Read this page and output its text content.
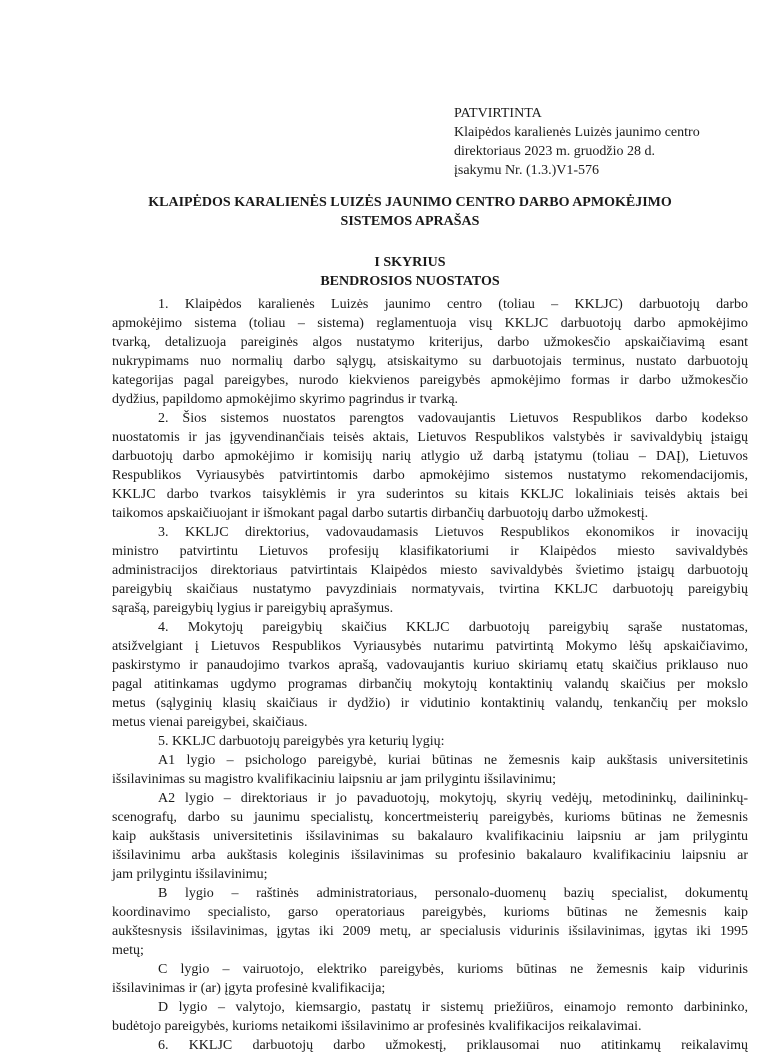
PATVIRTINTA
Klaipėdos karalienės Luizės jaunimo centro
direktoriaus 2023 m. gruodžio 28 d.
įsakymu Nr. (1.3.)V1-576
KLAIPĖDOS KARALIENĖS LUIZĖS JAUNIMO CENTRO DARBO APMOKĖJIMO
SISTEMOS APRAŠAS
I SKYRIUS
BENDROSIOS NUOSTATOS
1. Klaipėdos karalienės Luizės jaunimo centro (toliau – KKLJC) darbuotojų darbo
apmokėjimo sistema (toliau – sistema) reglamentuoja visų KKLJC darbuotojų darbo apmokėjimo
tvarką, detalizuoja pareiginės algos nustatymo kriterijus, darbo užmokesčio apskaičiavimą esant
nukrypimams nuo normalių darbo sąlygų, atsiskaitymo su darbuotojais terminus, nustato darbuotojų
kategorijas pagal pareigybes, nurodo kiekvienos pareigybės apmokėjimo formas ir darbo užmokesčio
dydžius, papildomo apmokėjimo skyrimo pagrindus ir tvarką.
2. Šios sistemos nuostatos parengtos vadovaujantis Lietuvos Respublikos darbo kodekso
nuostatomis ir jas įgyvendinančiais teisės aktais, Lietuvos Respublikos valstybės ir savivaldybių įstaigų
darbuotojų darbo apmokėjimo ir komisijų narių atlygio už darbą įstatymu (toliau – DAĮ), Lietuvos
Respublikos Vyriausybės patvirtintomis darbo apmokėjimo sistemos nustatymo rekomendacijomis,
KKLJC darbo tvarkos taisyklėmis ir yra suderintos su kitais KKLJC lokaliniais teisės aktais bei
taikomos apskaičiuojant ir išmokant pagal darbo sutartis dirbančių darbuotojų darbo užmokestį.
3. KKLJC direktorius, vadovaudamasis Lietuvos Respublikos ekonomikos ir inovacijų
ministro patvirtintu Lietuvos profesijų klasifikatoriumi ir Klaipėdos miesto savivaldybės
administracijos direktoriaus patvirtintais Klaipėdos miesto savivaldybės švietimo įstaigų darbuotojų
pareigybių skaičiaus nustatymo pavyzdiniais normatyvais, tvirtina KKLJC darbuotojų pareigybių
sąrašą, pareigybių lygius ir pareigybių aprašymus.
4. Mokytojų pareigybių skaičius KKLJC darbuotojų pareigybių sąraše nustatomas,
atsižvelgiant į Lietuvos Respublikos Vyriausybės nutarimu patvirtintą Mokymo lėšų apskaičiavimo,
paskirstymo ir panaudojimo tvarkos aprašą, vadovaujantis kuriuo skiriamų etatų skaičius priklauso nuo
pagal atitinkamas ugdymo programas dirbančių mokytojų kontaktinių valandų skaičius per mokslo
metus (sąlyginių klasių skaičiaus ir dydžio) ir vidutinio kontaktinių valandų, tenkančių per mokslo
metus vienai pareigybei, skaičiaus.
5. KKLJC darbuotojų pareigybės yra keturių lygių:
A1 lygio – psichologo pareigybė, kuriai būtinas ne žemesnis kaip aukštasis universitetinis
išsilavinimas su magistro kvalifikaciniu laipsniu ar jam prilygintu išsilavinimu;
A2 lygio – direktoriaus ir jo pavaduotojų, mokytojų, skyrių vedėjų, metodininkų, dailininkų-
scenografų, darbo su jaunimu specialistų, koncertmeisterių pareigybės, kurioms būtinas ne žemesnis
kaip aukštasis universitetinis išsilavinimas su bakalauro kvalifikaciniu laipsniu ar jam prilygintu
išsilavinimu arba aukštasis koleginis išsilavinimas su profesinio bakalauro kvalifikaciniu laipsniu ar
jam prilygintu išsilavinimu;
B lygio – raštinės administratoriaus, personalo-duomenų bazių specialist, dokumentų
koordinavimo specialisto, garso operatoriaus pareigybės, kurioms būtinas ne žemesnis kaip
aukštesnysis išsilavinimas, įgytas iki 2009 metų, ar specialusis vidurinis išsilavinimas, įgytas iki 1995
metų;
C lygio – vairuotojo, elektriko pareigybės, kurioms būtinas ne žemesnis kaip vidurinis
išsilavinimas ir (ar) įgyta profesinė kvalifikacija;
D lygio – valytojo, kiemsargio, pastatų ir sistemų priežiūros, einamojo remonto darbininko,
budėtojo pareigybės, kurioms netaikomi išsilavinimo ar profesinės kvalifikacijos reikalavimai.
6. KKLJC darbuotojų darbo užmokestį, priklausomai nuo atitinkamų reikalavimų
